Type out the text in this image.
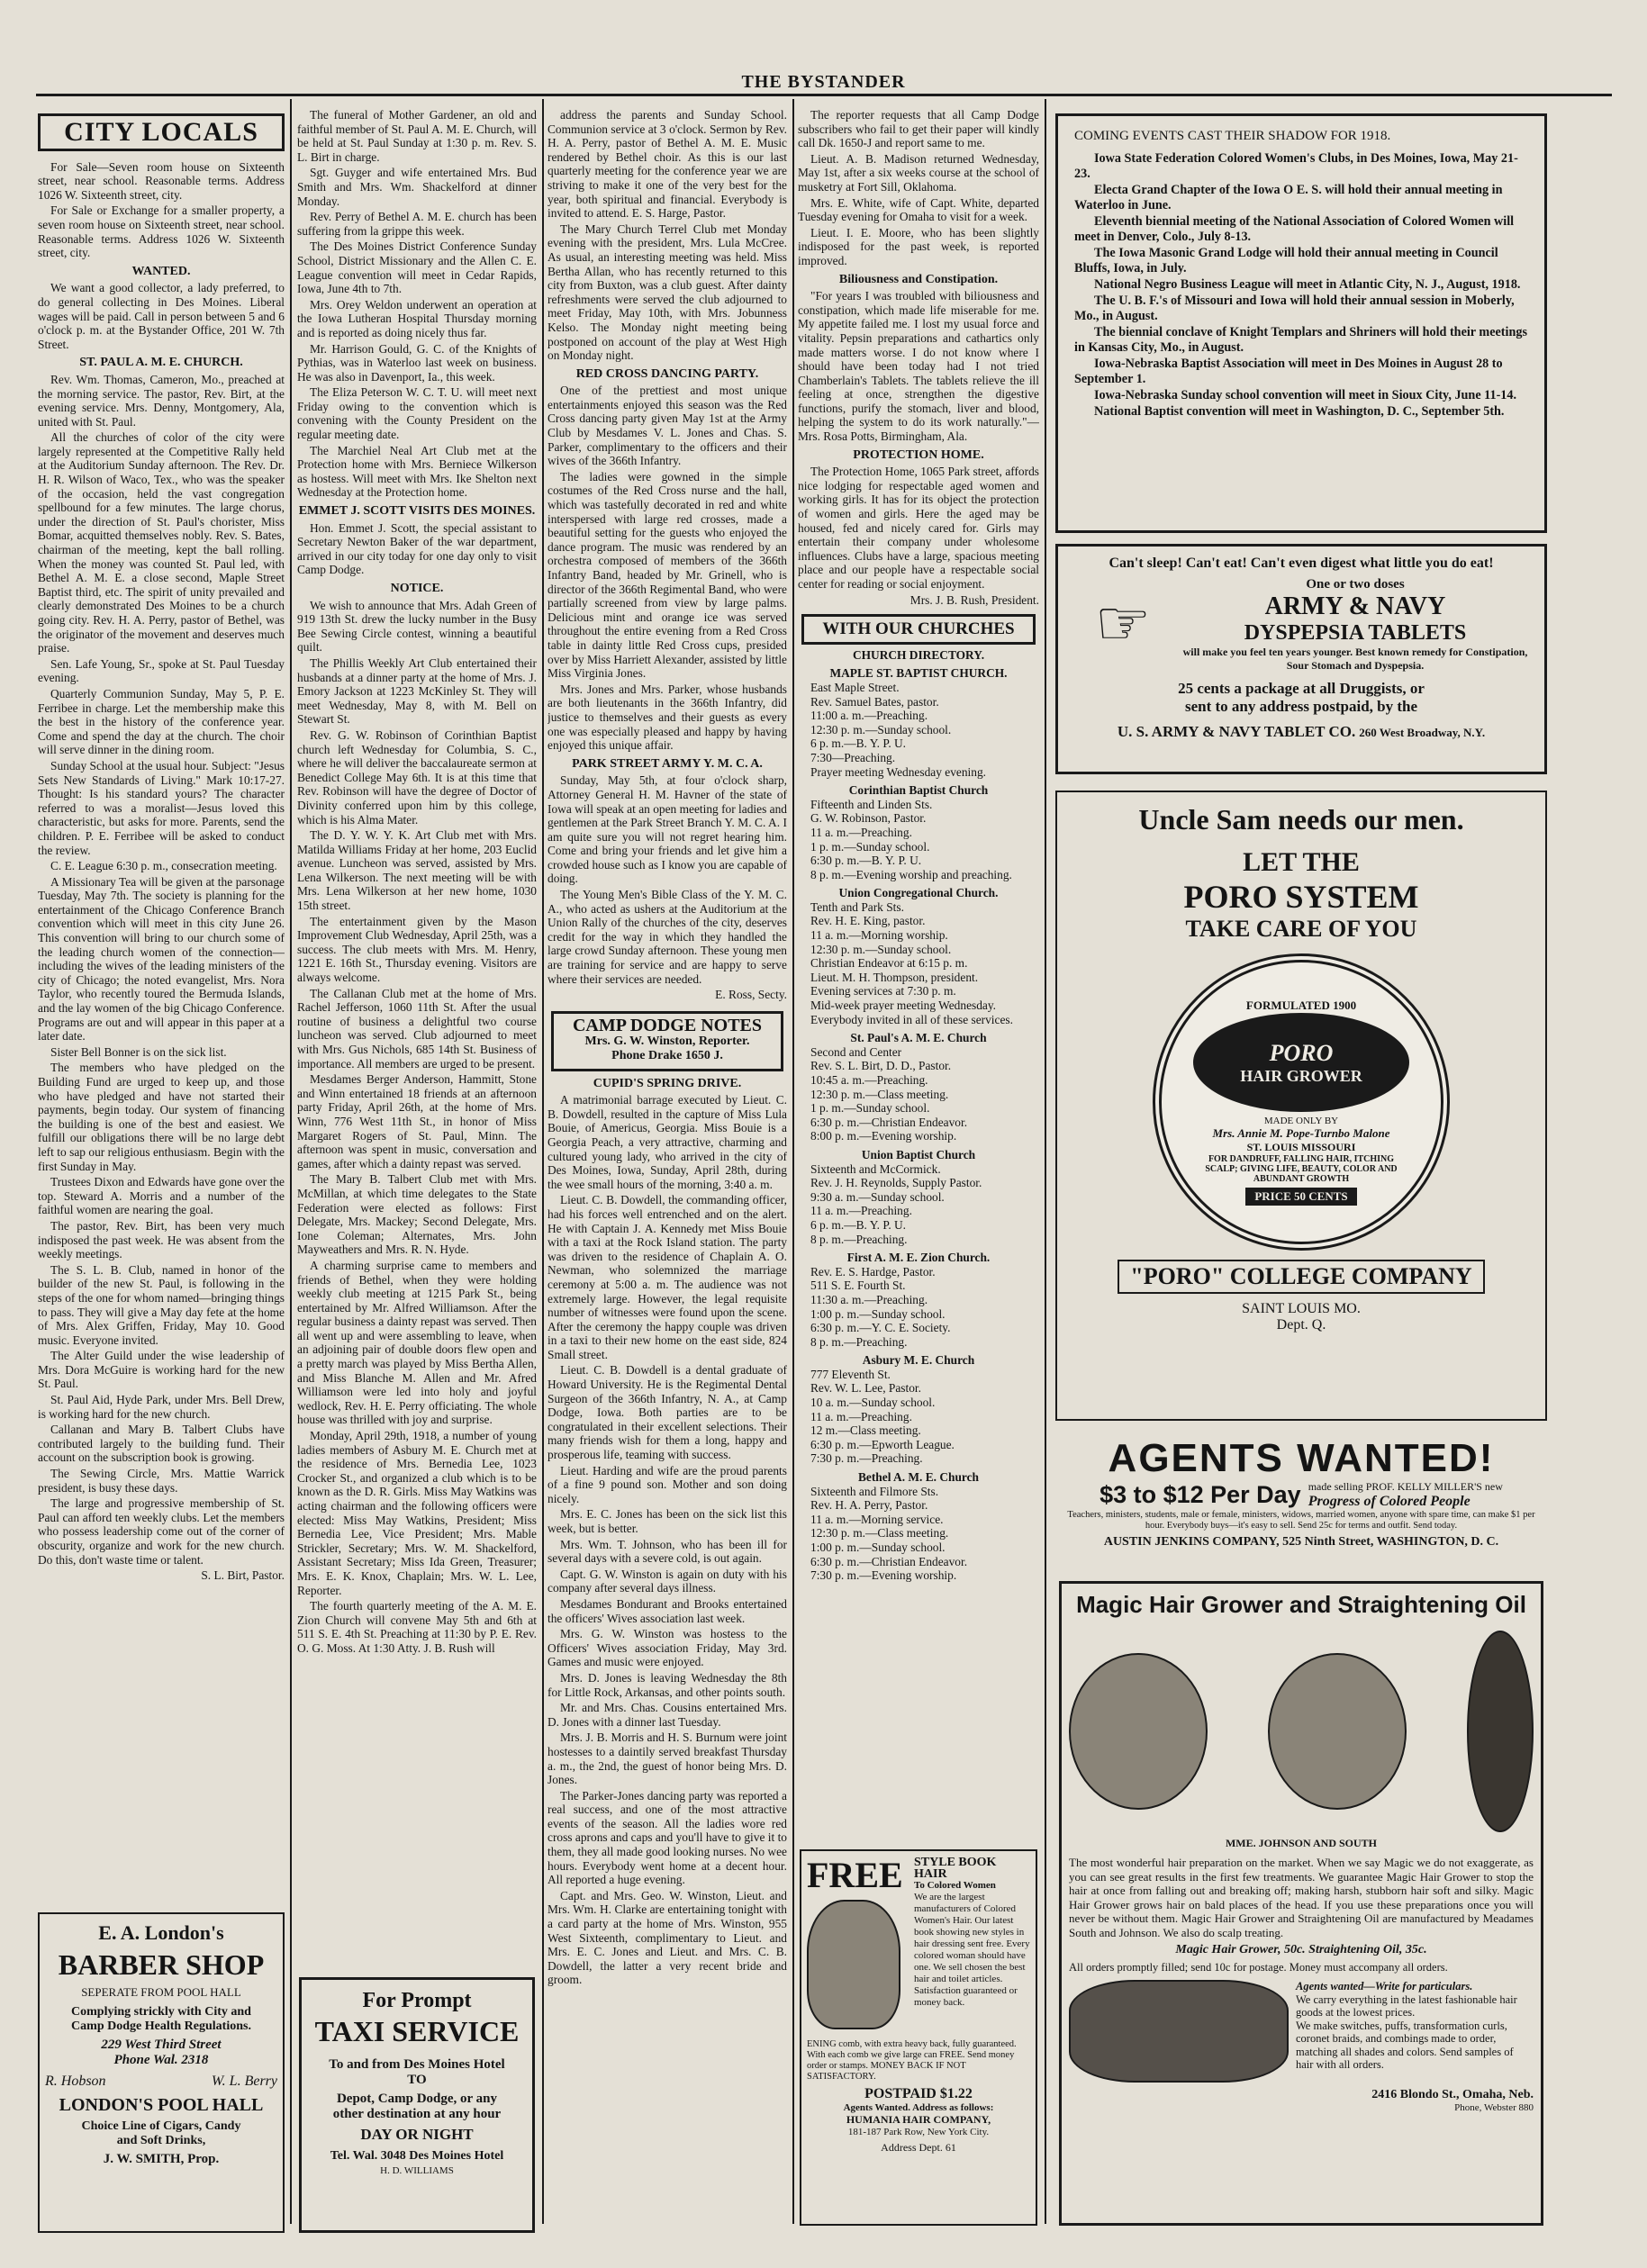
THE BYSTANDER
CITY LOCALS

For Sale—Seven room house on Sixteenth street, near school. Reasonable terms. Address 1026 W. Sixteenth street, city.

For Sale or Exchange for a smaller property, a seven room house on Sixteenth street, near school. Reasonable terms. Address 1026 W. Sixteenth street, city.

WANTED.

We want a good collector, a lady preferred, to do general collecting in Des Moines. Liberal wages will be paid. Call in person between 5 and 6 o'clock p. m. at the Bystander Office, 201 W. 7th Street.

ST. PAUL A. M. E. CHURCH.

Rev. Wm. Thomas, Cameron, Mo., preached at the morning service. The pastor, Rev. Birt, at the evening service. Mrs. Denny, Montgomery, Ala, united with St. Paul.

All the churches of color of the city were largely represented at the Competitive Rally held at the Auditorium Sunday afternoon. The Rev. Dr. H. R. Wilson of Waco, Tex., who was the speaker of the occasion, held the vast congregation spellbound for a few minutes. The large chorus, under the direction of St. Paul's chorister, Miss Bomar, acquitted themselves nobly. Rev. S. Bates, chairman of the meeting, kept the ball rolling. When the money was counted St. Paul led, with Bethel A. M. E. a close second, Maple Street Baptist third, etc. The spirit of unity prevailed and clearly demonstrated Des Moines to be a church going city. Rev. H. A. Perry, pastor of Bethel, was the originator of the movement and deserves much praise.

Sen. Lafe Young, Sr., spoke at St. Paul Tuesday evening.

Quarterly Communion Sunday, May 5, P. E. Ferribee in charge. Let the membership make this the best in the history of the conference year. Come and spend the day at the church. The choir will serve dinner in the dining room.

Sunday School at the usual hour. Subject: "Jesus Sets New Standards of Living." Mark 10:17-27. Thought: Is his standard yours? The character referred to was a moralist—Jesus loved this characteristic, but asks for more. Parents, send the children. P. E. Ferribee will be asked to conduct the review.

C. E. League 6:30 p. m., consecration meeting.

A Missionary Tea will be given at the parsonage Tuesday, May 7th. The society is planning for the entertainment of the Chicago Conference Branch convention which will meet in this city June 26. This convention will bring to our church some of the leading church women of the connection—including the wives of the leading ministers of the city of Chicago; the noted evangelist, Mrs. Nora Taylor, who recently toured the Bermuda Islands, and the lay women of the big Chicago Conference. Programs are out and will appear in this paper at a later date.

Sister Bell Bonner is on the sick list.

The members who have pledged on the Building Fund are urged to keep up, and those who have pledged and have not started their payments, begin today. Our system of financing the building is one of the best and easiest. We fulfill our obligations there will be no large debt left to sap our religious enthusiasm. Begin with the first Sunday in May.

Trustees Dixon and Edwards have gone over the top. Steward A. Morris and a number of the faithful women are nearing the goal.

The pastor, Rev. Birt, has been very much indisposed the past week. He was absent from the weekly meetings.

The S. L. B. Club, named in honor of the builder of the new St. Paul, is following in the steps of the one for whom named—bringing things to pass. They will give a May day fete at the home of Mrs. Alex Griffen, Friday, May 10. Good music. Everyone invited.

The Alter Guild under the wise leadership of Mrs. Dora McGuire is working hard for the new St. Paul.

St. Paul Aid, Hyde Park, under Mrs. Bell Drew, is working hard for the new church.

Callanan and Mary B. Talbert Clubs have contributed largely to the building fund. Their account on the subscription book is growing.

The Sewing Circle, Mrs. Mattie Warrick president, is busy these days.

The large and progressive membership of St. Paul can afford ten weekly clubs. Let the members who possess leadership come out of the corner of obscurity, organize and work for the new church. Do this, don't waste time or talent.

S. L. Birt, Pastor.

E. A. London's
BARBER SHOP
SEPERATE FROM POOL HALL
Complying strickly with City and
Camp Dodge Health Regulations.
229 West Third Street
Phone Wal. 2318
R. Hobson	W. L. Berry
LONDON'S POOL HALL
Choice Line of Cigars, Candy
and Soft Drinks,
J. W. SMITH, Prop.

The funeral of Mother Gardener, an old and faithful member of St. Paul A. M. E. Church, will be held at St. Paul Sunday at 1:30 p. m. Rev. S. L. Birt in charge.

Sgt. Guyger and wife entertained Mrs. Bud Smith and Mrs. Wm. Shackelford at dinner Monday.

Rev. Perry of Bethel A. M. E. church has been suffering from la grippe this week.

The Des Moines District Conference Sunday School, District Missionary and the Allen C. E. League convention will meet in Cedar Rapids, Iowa, June 4th to 7th.

Mrs. Orey Weldon underwent an operation at the Iowa Lutheran Hospital Thursday morning and is reported as doing nicely thus far.

Mr. Harrison Gould, G. C. of the Knights of Pythias, was in Waterloo last week on business. He was also in Davenport, Ia., this week.

The Eliza Peterson W. C. T. U. will meet next Friday owing to the convention which is convening with the County President on the regular meeting date.

The Marchiel Neal Art Club met at the Protection home with Mrs. Berniece Wilkerson as hostess. Will meet with Mrs. Ike Shelton next Wednesday at the Protection home.

EMMET J. SCOTT VISITS DES MOINES.

Hon. Emmet J. Scott, the special assistant to Secretary Newton Baker of the war department, arrived in our city today for one day only to visit Camp Dodge.

NOTICE.

We wish to announce that Mrs. Adah Green of 919 13th St. drew the lucky number in the Busy Bee Sewing Circle contest, winning a beautiful quilt.

The Phillis Weekly Art Club entertained their husbands at a dinner party at the home of Mrs. J. Emory Jackson at 1223 McKinley St. They will meet Wednesday, May 8, with M. Bell on Stewart St.

Rev. G. W. Robinson of Corinthian Baptist church left Wednesday for Columbia, S. C., where he will deliver the baccalaureate sermon at Benedict College May 6th. It is at this time that Rev. Robinson will have the degree of Doctor of Divinity conferred upon him by this college, which is his Alma Mater.

The D. Y. W. Y. K. Art Club met with Mrs. Matilda Williams Friday at her home, 203 Euclid avenue. Luncheon was served, assisted by Mrs. Lena Wilkerson. The next meeting will be with Mrs. Lena Wilkerson at her new home, 1030 15th street.

The entertainment given by the Mason Improvement Club Wednesday, April 25th, was a success. The club meets with Mrs. M. Henry, 1221 E. 16th St., Thursday evening. Visitors are always welcome.

The Callanan Club met at the home of Mrs. Rachel Jefferson, 1060 11th St. After the usual routine of business a delightful two course luncheon was served. Club adjourned to meet with Mrs. Gus Nichols, 685 14th St. Business of importance. All members are urged to be present.

Mesdames Berger Anderson, Hammitt, Stone and Winn entertained 18 friends at an afternoon party Friday, April 26th, at the home of Mrs. Winn, 776 West 11th St., in honor of Miss Margaret Rogers of St. Paul, Minn. The afternoon was spent in music, conversation and games, after which a dainty repast was served.

The Mary B. Talbert Club met with Mrs. McMillan, at which time delegates to the State Federation were elected as follows: First Delegate, Mrs. Mackey; Second Delegate, Mrs. Ione Coleman; Alternates, Mrs. John Mayweathers and Mrs. R. N. Hyde.

A charming surprise came to members and friends of Bethel, when they were holding weekly club meeting at 1215 Park St., being entertained by Mr. Alfred Williamson. After the regular business a dainty repast was served. Then all went up and were assembling to leave, when an adjoining pair of double doors flew open and a pretty march was played by Miss Bertha Allen, and Miss Blanche M. Allen and Mr. Afred Williamson were led into holy and joyful wedlock, Rev. H. E. Perry officiating. The whole house was thrilled with joy and surprise.

Monday, April 29th, 1918, a number of young ladies members of Asbury M. E. Church met at the residence of Mrs. Bernedia Lee, 1023 Crocker St., and organized a club which is to be known as the D. R. Girls. Miss May Watkins was acting chairman and the following officers were elected: Miss May Watkins, President; Miss Bernedia Lee, Vice President; Mrs. Mable Strickler, Secretary; Mrs. W. M. Shackelford, Assistant Secretary; Miss Ida Green, Treasurer; Mrs. E. K. Knox, Chaplain; Mrs. W. L. Lee, Reporter.

The fourth quarterly meeting of the A. M. E. Zion Church will convene May 5th and 6th at 511 S. E. 4th St. Preaching at 11:30 by P. E. Rev. O. G. Moss. At 1:30 Atty. J. B. Rush will

For Prompt
TAXI SERVICE
To and from Des Moines Hotel
TO
Depot, Camp Dodge, or any
other destination at any hour
DAY OR NIGHT
Tel. Wal. 3048 Des Moines Hotel
H. D. WILLIAMS

address the parents and Sunday School. Communion service at 3 o'clock. Sermon by Rev. H. A. Perry, pastor of Bethel A. M. E. Music rendered by Bethel choir. As this is our last quarterly meeting for the conference year we are striving to make it one of the very best for the year, both spiritual and financial. Everybody is invited to attend. E. S. Harge, Pastor.

The Mary Church Terrel Club met Monday evening with the president, Mrs. Lula McCree. As usual, an interesting meeting was held. Miss Bertha Allan, who has recently returned to this city from Buxton, was a club guest. After dainty refreshments were served the club adjourned to meet Friday, May 10th, with Mrs. Jobunness Kelso. The Monday night meeting being postponed on account of the play at West High on Monday night.

RED CROSS DANCING PARTY.

One of the prettiest and most unique entertainments enjoyed this season was the Red Cross dancing party given May 1st at the Army Club by Mesdames V. L. Jones and Chas. S. Parker, complimentary to the officers and their wives of the 366th Infantry.

The ladies were gowned in the simple costumes of the Red Cross nurse and the hall, which was tastefully decorated in red and white interspersed with large red crosses, made a beautiful setting for the guests who enjoyed the dance program. The music was rendered by an orchestra composed of members of the 366th Infantry Band, headed by Mr. Grinell, who is director of the 366th Regimental Band, who were partially screened from view by large palms. Delicious mint and orange ice was served throughout the entire evening from a Red Cross table in dainty little Red Cross cups, presided over by Miss Harriett Alexander, assisted by little Miss Virginia Jones.

Mrs. Jones and Mrs. Parker, whose husbands are both lieutenants in the 366th Infantry, did justice to themselves and their guests as every one was especially pleased and happy by having enjoyed this unique affair.

PARK STREET ARMY Y. M. C. A.

Sunday, May 5th, at four o'clock sharp, Attorney General H. M. Havner of the state of Iowa will speak at an open meeting for ladies and gentlemen at the Park Street Branch Y. M. C. A. I am quite sure you will not regret hearing him. Come and bring your friends and let give him a crowded house such as I know you are capable of doing.

The Young Men's Bible Class of the Y. M. C. A., who acted as ushers at the Auditorium at the Union Rally of the churches of the city, deserves credit for the way in which they handled the large crowd Sunday afternoon. These young men are training for service and are happy to serve where their services are needed.

E. Ross, Secty.

CAMP DODGE NOTES
Mrs. G. W. Winston, Reporter.
Phone Drake 1650 J.
CUPID'S SPRING DRIVE.

A matrimonial barrage executed by Lieut. C. B. Dowdell, resulted in the capture of Miss Lula Bouie, of Americus, Georgia. Miss Bouie is a Georgia Peach, a very attractive, charming and cultured young lady, who arrived in the city of Des Moines, Iowa, Sunday, April 28th, during the wee small hours of the morning, 3:40 a. m.

Lieut. C. B. Dowdell, the commanding officer, had his forces well entrenched and on the alert. He with Captain J. A. Kennedy met Miss Bouie with a taxi at the Rock Island station. The party was driven to the residence of Chaplain A. O. Newman, who solemnized the marriage ceremony at 5:00 a. m. The audience was not extremely large. However, the legal requisite number of witnesses were found upon the scene. After the ceremony the happy couple was driven in a taxi to their new home on the east side, 824 Small street.

Lieut. C. B. Dowdell is a dental graduate of Howard University. He is the Regimental Dental Surgeon of the 366th Infantry, N. A., at Camp Dodge, Iowa. Both parties are to be congratulated in their excellent selections. Their many friends wish for them a long, happy and prosperous life, teaming with success.

Lieut. Harding and wife are the proud parents of a fine 9 pound son. Mother and son doing nicely.

Mrs. E. C. Jones has been on the sick list this week, but is better.

Mrs. Wm. T. Johnson, who has been ill for several days with a severe cold, is out again.

Capt. G. W. Winston is again on duty with his company after several days illness.

Mesdames Bondurant and Brooks entertained the officers' Wives association last week.

Mrs. G. W. Winston was hostess to the Officers' Wives association Friday, May 3rd. Games and music were enjoyed.

Mrs. D. Jones is leaving Wednesday the 8th for Little Rock, Arkansas, and other points south.

Mr. and Mrs. Chas. Cousins entertained Mrs. D. Jones with a dinner last Tuesday.

Mrs. J. B. Morris and H. S. Burnum were joint hostesses to a daintily served breakfast Thursday a. m., the 2nd, the guest of honor being Mrs. D. Jones.

The Parker-Jones dancing party was reported a real success, and one of the most attractive events of the season. All the ladies wore red cross aprons and caps and you'll have to give it to them, they all made good looking nurses. No wee hours. Everybody went home at a decent hour. All reported a huge evening.

Capt. and Mrs. Geo. W. Winston, Lieut. and Mrs. Wm. H. Clarke are entertaining tonight with a card party at the home of Mrs. Winston, 955 West Sixteenth, complimentary to Lieut. and Mrs. E. C. Jones and Lieut. and Mrs. C. B. Dowdell, the latter a very recent bride and groom.

The reporter requests that all Camp Dodge subscribers who fail to get their paper will kindly call Dk. 1650-J and report same to me.

Lieut. A. B. Madison returned Wednesday, May 1st, after a six weeks course at the school of musketry at Fort Sill, Oklahoma.

Mrs. E. White, wife of Capt. White, departed Tuesday evening for Omaha to visit for a week.

Lieut. I. E. Moore, who has been slightly indisposed for the past week, is reported improved.

Biliousness and Constipation.

"For years I was troubled with biliousness and constipation, which made life miserable for me. My appetite failed me. I lost my usual force and vitality. Pepsin preparations and cathartics only made matters worse. I do not know where I should have been today had I not tried Chamberlain's Tablets. The tablets relieve the ill feeling at once, strengthen the digestive functions, purify the stomach, liver and blood, helping the system to do its work naturally."—Mrs. Rosa Potts, Birmingham, Ala.

PROTECTION HOME.

The Protection Home, 1065 Park street, affords nice lodging for respectable aged women and working girls. It has for its object the protection of women and girls. Here the aged may be housed, fed and nicely cared for. Girls may entertain their company under wholesome influences. Clubs have a large, spacious meeting place and our people have a respectable social center for reading or social enjoyment.

Mrs. J. B. Rush, President.

WITH OUR CHURCHES
CHURCH DIRECTORY.
MAPLE ST. BAPTIST CHURCH.
East Maple Street.
Rev. Samuel Bates, pastor.
11:00 a. m.—Preaching.
12:30 p. m.—Sunday school.
6 p. m.—B. Y. P. U.
7:30—Preaching.
Prayer meeting Wednesday evening.
Corinthian Baptist Church
Fifteenth and Linden Sts.
G. W. Robinson, Pastor.
11 a. m.—Preaching.
1 p. m.—Sunday school.
6:30 p. m.—B. Y. P. U.
8 p. m.—Evening worship and preaching.
Union Congregational Church.
Tenth and Park Sts.
Rev. H. E. King, pastor.
11 a. m.—Morning worship.
12:30 p. m.—Sunday school.
Christian Endeavor at 6:15 p. m.
Lieut. M. H. Thompson, president.
Evening services at 7:30 p. m.
Mid-week prayer meeting Wednesday.
Everybody invited in all of these services.
St. Paul's A. M. E. Church
Second and Center
Rev. S. L. Birt, D. D., Pastor.
10:45 a. m.—Preaching.
12:30 p. m.—Class meeting.
1 p. m.—Sunday school.
6:30 p. m.—Christian Endeavor.
8:00 p. m.—Evening worship.
Union Baptist Church
Sixteenth and McCormick.
Rev. J. H. Reynolds, Supply Pastor.
9:30 a. m.—Sunday school.
11 a. m.—Preaching.
6 p. m.—B. Y. P. U.
8 p. m.—Preaching.
First A. M. E. Zion Church.
Rev. E. S. Hardge, Pastor.
511 S. E. Fourth St.
11:30 a. m.—Preaching.
1:00 p. m.—Sunday school.
6:30 p. m.—Y. C. E. Society.
8 p. m.—Preaching.
Asbury M. E. Church
777 Eleventh St.
Rev. W. L. Lee, Pastor.
10 a. m.—Sunday school.
11 a. m.—Preaching.
12 m.—Class meeting.
6:30 p. m.—Epworth League.
7:30 p. m.—Preaching.
Bethel A. M. E. Church
Sixteenth and Filmore Sts.
Rev. H. A. Perry, Pastor.
11 a. m.—Morning service.
12:30 p. m.—Class meeting.
1:00 p. m.—Sunday school.
6:30 p. m.—Christian Endeavor.
7:30 p. m.—Evening worship.
FREE STYLE BOOK
HAIR
To Colored Women
We are the largest manufacturers of Colored Women's Hair. Our latest book showing new styles in hair dressing sent free. Every colored woman should have one. We sell chosen the best hair and toilet articles. Satisfaction guaranteed or money back.
ENING comb, with extra heavy back, fully guaranteed. With each comb we give large can FREE. Send money order or stamps. MONEY BACK IF NOT SATISFACTORY.
POSTPAID $1.22
Agents Wanted. Address as follows:
HUMANIA HAIR COMPANY,
181-187 Park Row, New York City.
Address Dept. 61
COMING EVENTS CAST THEIR SHADOW FOR 1918.
Iowa State Federation Colored Women's Clubs, in Des Moines, Iowa, May 21-23.
Electa Grand Chapter of the Iowa O E. S. will hold their annual meeting in Waterloo in June.
Eleventh biennial meeting of the National Association of Colored Women will meet in Denver, Colo., July 8-13.
The Iowa Masonic Grand Lodge will hold their annual meeting in Council Bluffs, Iowa, in July.
National Negro Business League will meet in Atlantic City, N. J., August, 1918.
The U. B. F.'s of Missouri and Iowa will hold their annual session in Moberly, Mo., in August.
The biennial conclave of Knight Templars and Shriners will hold their meetings in Kansas City, Mo., in August.
Iowa-Nebraska Baptist Association will meet in Des Moines in August 28 to September 1.
Iowa-Nebraska Sunday school convention will meet in Sioux City, June 11-14.
National Baptist convention will meet in Washington, D. C., September 5th.
Can't sleep! Can't eat! Can't even digest what little you do eat!
☞
One or two doses
ARMY & NAVY
DYSPEPSIA TABLETS
will make you feel ten years younger. Best known remedy for Constipation, Sour Stomach and Dyspepsia.
25 cents a package at all Druggists, or
sent to any address postpaid, by the
U. S. ARMY & NAVY TABLET CO. 260 West Broadway, N.Y.
Uncle Sam needs our men.
LET THE
PORO SYSTEM
TAKE CARE OF YOU
FORMULATED 1900
PORO
HAIR GROWER
MADE ONLY BY
Mrs. Annie M. Pope-Turnbo Malone
ST. LOUIS MISSOURI
FOR DANDRUFF, FALLING HAIR, ITCHING SCALP; GIVING LIFE, BEAUTY, COLOR AND ABUNDANT GROWTH
PRICE 50 CENTS
"PORO" COLLEGE COMPANY
SAINT LOUIS MO.
Dept. Q.
AGENTS WANTED!
$3 to $12 Per Day made selling PROF. KELLY MILLER'S new
Progress of Colored People
Teachers, ministers, students, male or female, ministers, widows, married women, anyone with spare time, can make $1 per hour. Everybody buys—it's easy to sell. Send 25c for terms and outfit. Send today.
AUSTIN JENKINS COMPANY, 525 Ninth Street, WASHINGTON, D. C.
Magic Hair Grower and Straightening Oil
MME. JOHNSON AND SOUTH
The most wonderful hair preparation on the market. When we say Magic we do not exaggerate, as you can see great results in the first few treatments. We guarantee Magic Hair Grower to stop the hair at once from falling out and breaking off; making harsh, stubborn hair soft and silky. Magic Hair Grower grows hair on bald places of the head. If you use these preparations once you will never be without them. Magic Hair Grower and Straightening Oil are manufactured by Meadames South and Johnson. We also do scalp treating.
Magic Hair Grower, 50c. Straightening Oil, 35c.
All orders promptly filled; send 10c for postage. Money must accompany all orders.
Agents wanted—Write for particulars.
We carry everything in the latest fashionable hair goods at the lowest prices.
We make switches, puffs, transformation curls, coronet braids, and combings made to order, matching all shades and colors. Send samples of hair with all orders.
2416 Blondo St., Omaha, Neb.
Phone, Webster 880
